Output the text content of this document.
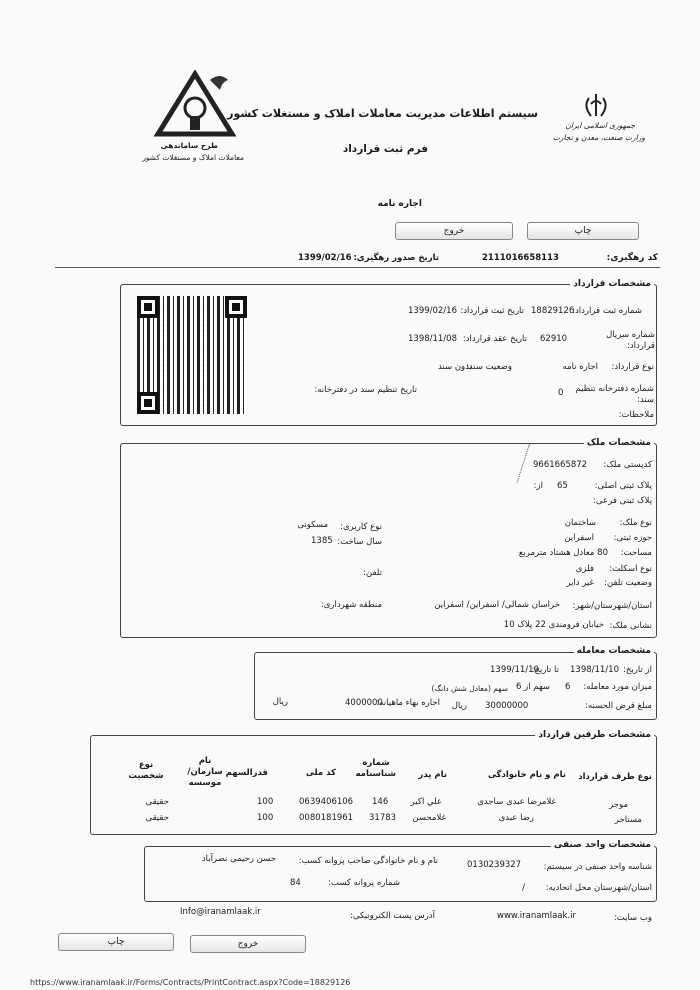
طرح ساماندهی
معاملات املاک و مستغلات کشور
سیستم اطلاعات مدیریت معاملات املاک و مستغلات کشور
فرم ثبت قرارداد
جمهوری اسلامی ایران
وزارت صنعت، معدن و تجارت
اجاره نامه
چاپ
خروج
کد رهگیری:
2111016658113
تاریخ صدور رهگیری:
1399/02/16
مشخصات قرارداد
شماره ثبت قرارداد:
18829126
تاریخ ثبت قرارداد:
1399/02/16
شماره سریال قرارداد:
62910
تاریخ عقد قرارداد:
1398/11/08
نوع قرارداد:
اجاره نامه
وضعیت سند:
بدون سند
شماره دفترخانه تنظیم سند:
0
تاریخ تنظیم سند در دفترخانه:
ملاحظات:
مشخصات ملک
کدپستی ملک:
9661665872
پلاک ثبتی اصلی:
65
از:
پلاک ثبتی فرعی:
نوع ملک:
ساختمان
نوع کاربری:
مسکونی
حوزه ثبتی:
اسفراین
سال ساخت:
1385
مساحت:
80 معادل هشتاد مترمربع
نوع اسکلت:
فلزی
وضعیت تلفن:
غیر دایر
تلفن:
استان/شهرستان/شهر:
خراسان شمالی/ اسفراین/ اسفراین
منطقه شهرداری:
نشانی ملک:
خیابان فرومندی 22 پلاک 10
مشخصات معامله
از تاریخ:
1398/11/10
تا تاریخ:
1399/11/10
میزان مورد معامله:
6
سهم از
6
سهم (معادل شش دانگ)
مبلغ قرض الحسنه:
30000000
ریال
اجاره بهاء ماهیانه:
4000000
ریال
مشخصات طرفین قرارداد
نوع طرف قرارداد
نام و نام خانوادگی
نام پدر
شماره شناسنامه
کد ملی
قدرالسهم
نام سازمان/ موسسه
نوع شخصیت
موجر
غلامرضا عبدی ساجدی
علي اکبر
146
0639406106
100
حقیقی
مستاجر
رضا عبدی
غلامحسن
31783
0080181961
100
حقیقی
مشخصات واحد صنفی
شناسه واحد صنفی در سیستم:
0130239327
نام و نام خانوادگی صاحب پروانه کسب:
حسن رحیمی نصرآباد
استان/شهرستان محل اتحادیه:
/
شماره پروانه کسب:
84
وب سایت:
www.iranamlaak.ir
آدرس پست الکترونیکی:
Info@iranamlaak.ir
چاپ	خروج
https://www.iranamlaak.ir/Forms/Contracts/PrintContract.aspx?Code=18829126
